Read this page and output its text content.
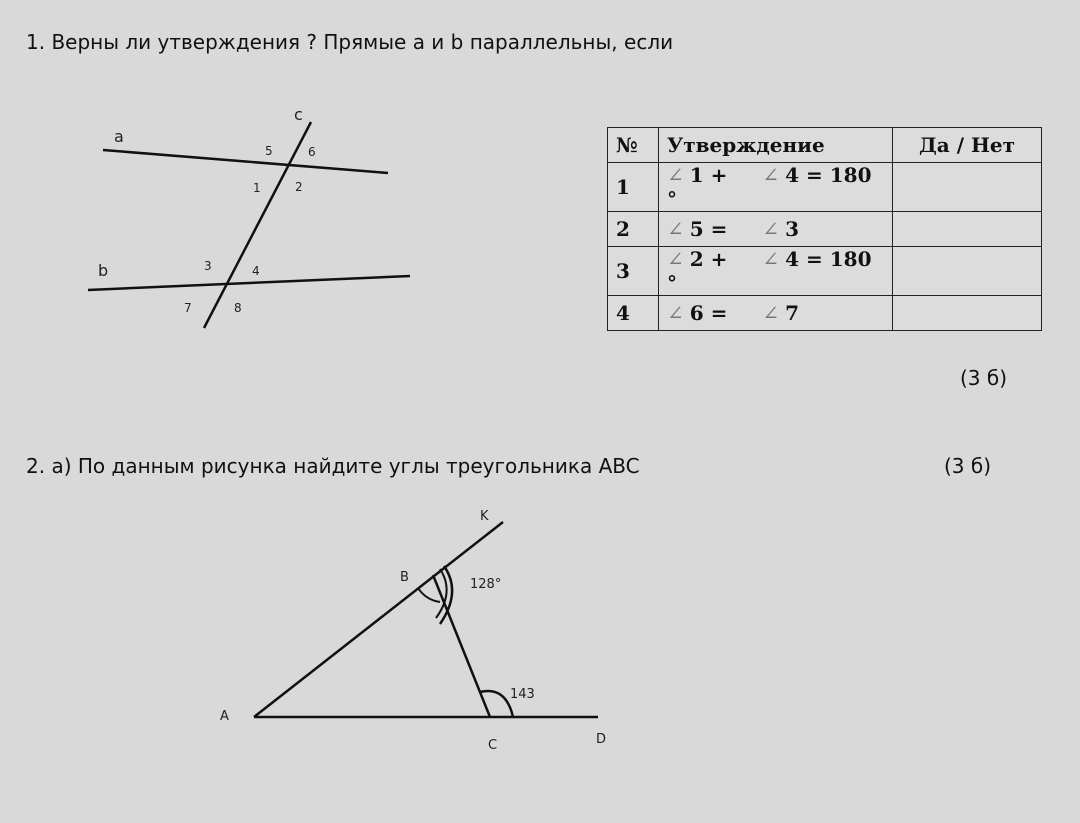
1. Верны ли утверждения ? Прямые a и b параллельны, если
a
b
c
5	6
1	2
3	4
7	8
№	Утверждение	Да / Нет
1	∠ 1 + ∠ 4 = 180 °	
2	∠ 5 = ∠ 3	
3	∠ 2 + ∠ 4 = 180 °	
4	∠ 6 = ∠ 7	
(3 б)
2. а) По данным рисунка найдите углы треугольника ABC	(3 б)
K
B
A
C	D
128°
143
